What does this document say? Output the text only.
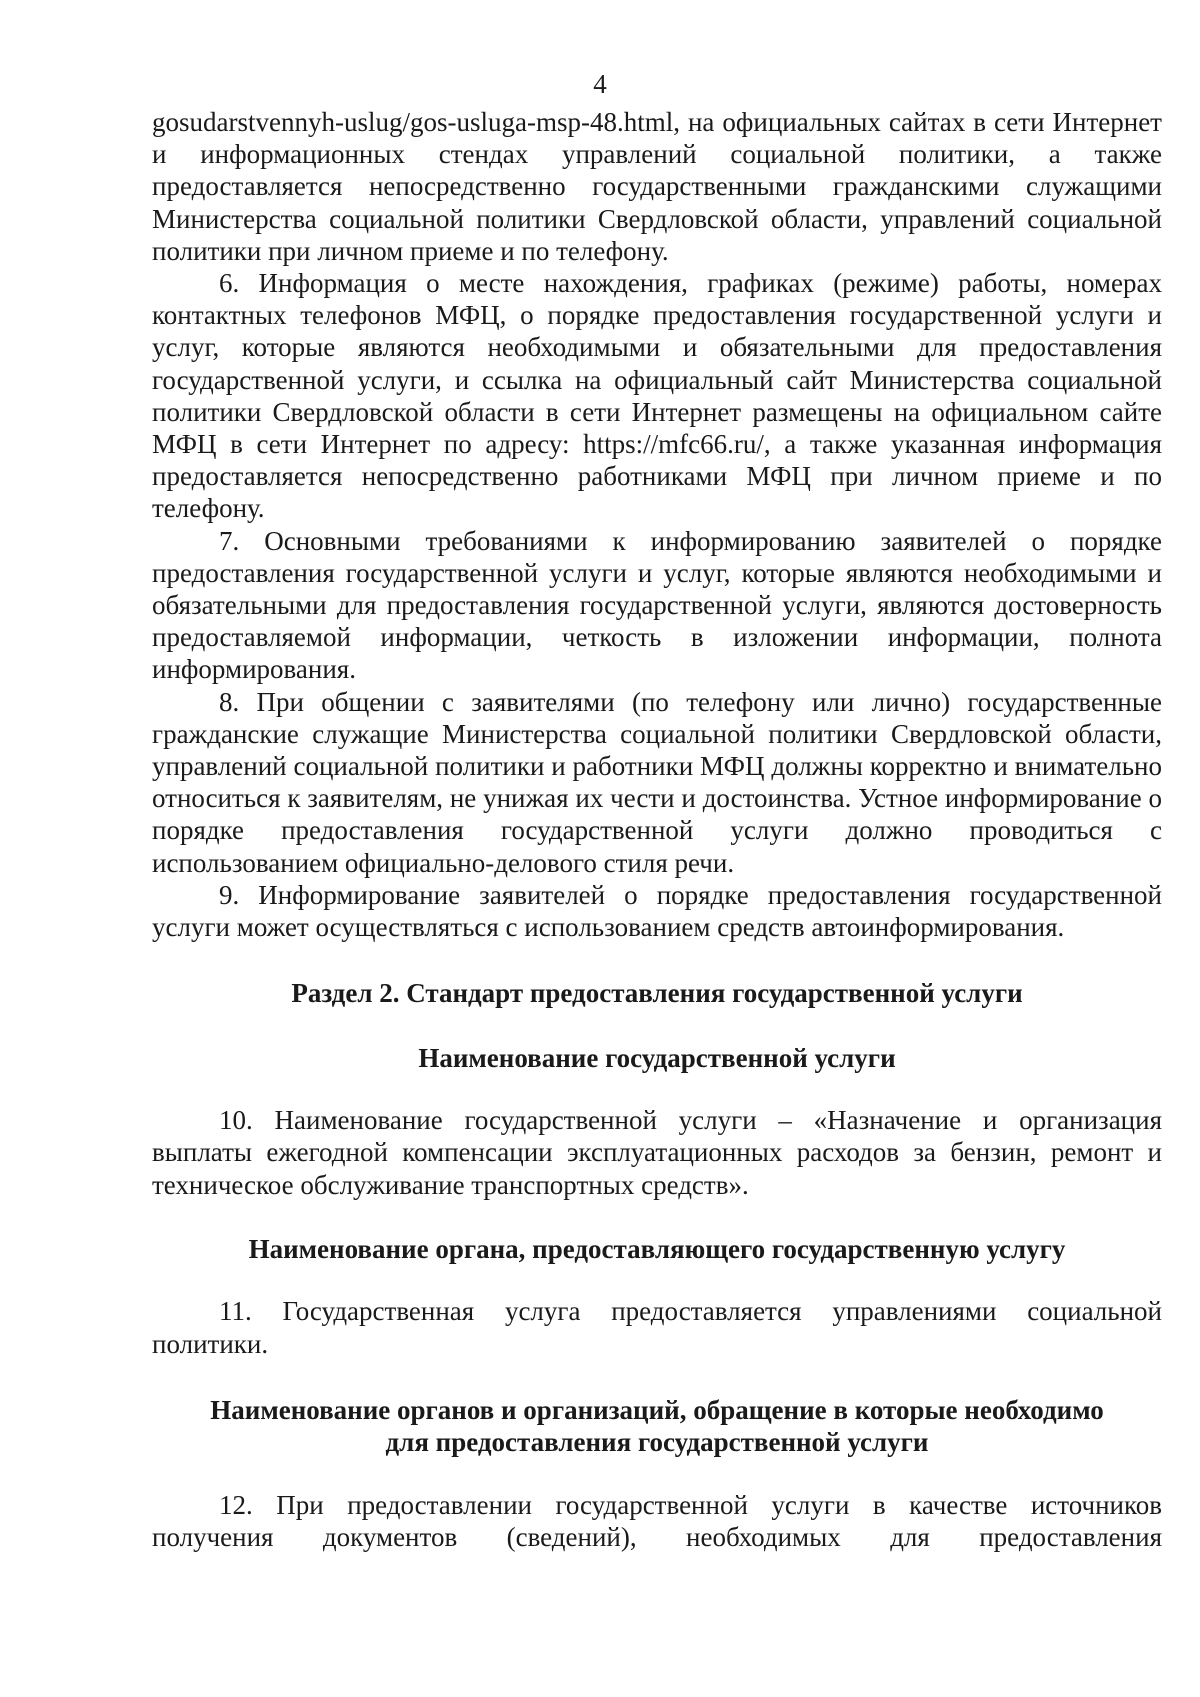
4

gosudarstvennyh-uslug/gos-usluga-msp-48.html, на официальных сайтах в сети Интернет и информационных стендах управлений социальной политики, а также предоставляется непосредственно государственными гражданскими служащими Министерства социальной политики Свердловской области, управлений социальной политики при личном приеме и по телефону.

6. Информация о месте нахождения, графиках (режиме) работы, номерах контактных телефонов МФЦ, о порядке предоставления государственной услуги и услуг, которые являются необходимыми и обязательными для предоставления государственной услуги, и ссылка на официальный сайт Министерства социальной политики Свердловской области в сети Интернет размещены на официальном сайте МФЦ в сети Интернет по адресу: https://mfc66.ru/, а также указанная информация предоставляется непосредственно работниками МФЦ при личном приеме и по телефону.

7. Основными требованиями к информированию заявителей о порядке предоставления государственной услуги и услуг, которые являются необходимыми и обязательными для предоставления государственной услуги, являются достоверность предоставляемой информации, четкость в изложении информации, полнота информирования.

8. При общении с заявителями (по телефону или лично) государственные гражданские служащие Министерства социальной политики Свердловской области, управлений социальной политики и работники МФЦ должны корректно и внимательно относиться к заявителям, не унижая их чести и достоинства. Устное информирование о порядке предоставления государственной услуги должно проводиться с использованием официально-делового стиля речи.

9. Информирование заявителей о порядке предоставления государственной услуги может осуществляться с использованием средств автоинформирования.

Раздел 2. Стандарт предоставления государственной услуги

Наименование государственной услуги

10. Наименование государственной услуги – «Назначение и организация выплаты ежегодной компенсации эксплуатационных расходов за бензин, ремонт и техническое обслуживание транспортных средств».

Наименование органа, предоставляющего государственную услугу

11. Государственная услуга предоставляется управлениями социальной политики.

Наименование органов и организаций, обращение в которые необходимо
для предоставления государственной услуги

12. При предоставлении государственной услуги в качестве источников получения документов (сведений), необходимых для предоставления
